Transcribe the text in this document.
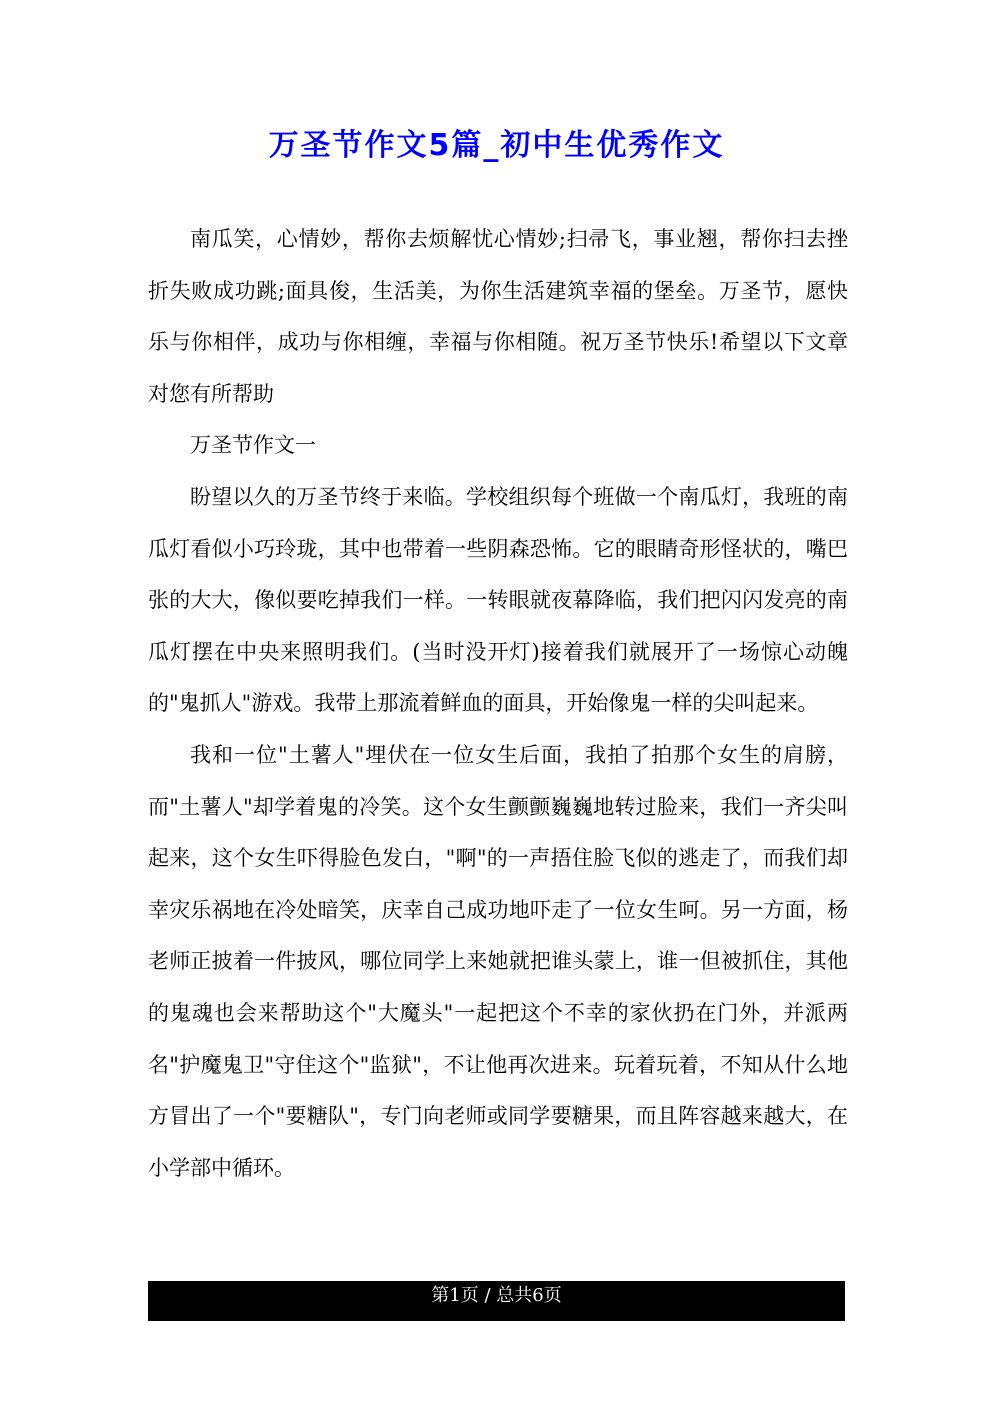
万圣节作文5篇_初中生优秀作文

南瓜笑，心情妙，帮你去烦解忧心情妙;扫帚飞，事业翘，帮你扫去挫折失败成功跳;面具俊，生活美，为你生活建筑幸福的堡垒。万圣节，愿快乐与你相伴，成功与你相缠，幸福与你相随。祝万圣节快乐!希望以下文章对您有所帮助

万圣节作文一

盼望以久的万圣节终于来临。学校组织每个班做一个南瓜灯，我班的南瓜灯看似小巧玲珑，其中也带着一些阴森恐怖。它的眼睛奇形怪状的，嘴巴张的大大，像似要吃掉我们一样。一转眼就夜幕降临，我们把闪闪发亮的南瓜灯摆在中央来照明我们。(当时没开灯)接着我们就展开了一场惊心动魄的"鬼抓人"游戏。我带上那流着鲜血的面具，开始像鬼一样的尖叫起来。

我和一位"土薯人"埋伏在一位女生后面，我拍了拍那个女生的肩膀，而"土薯人"却学着鬼的冷笑。这个女生颤颤巍巍地转过脸来，我们一齐尖叫起来，这个女生吓得脸色发白，"啊"的一声捂住脸飞似的逃走了，而我们却幸灾乐祸地在冷处暗笑，庆幸自己成功地吓走了一位女生呵。另一方面，杨老师正披着一件披风，哪位同学上来她就把谁头蒙上，谁一但被抓住，其他的鬼魂也会来帮助这个"大魔头"一起把这个不幸的家伙扔在门外，并派两名"护魔鬼卫"守住这个"监狱"，不让他再次进来。玩着玩着，不知从什么地方冒出了一个"要糖队"，专门向老师或同学要糖果，而且阵容越来越大，在小学部中循环。

第1页 / 总共6页
